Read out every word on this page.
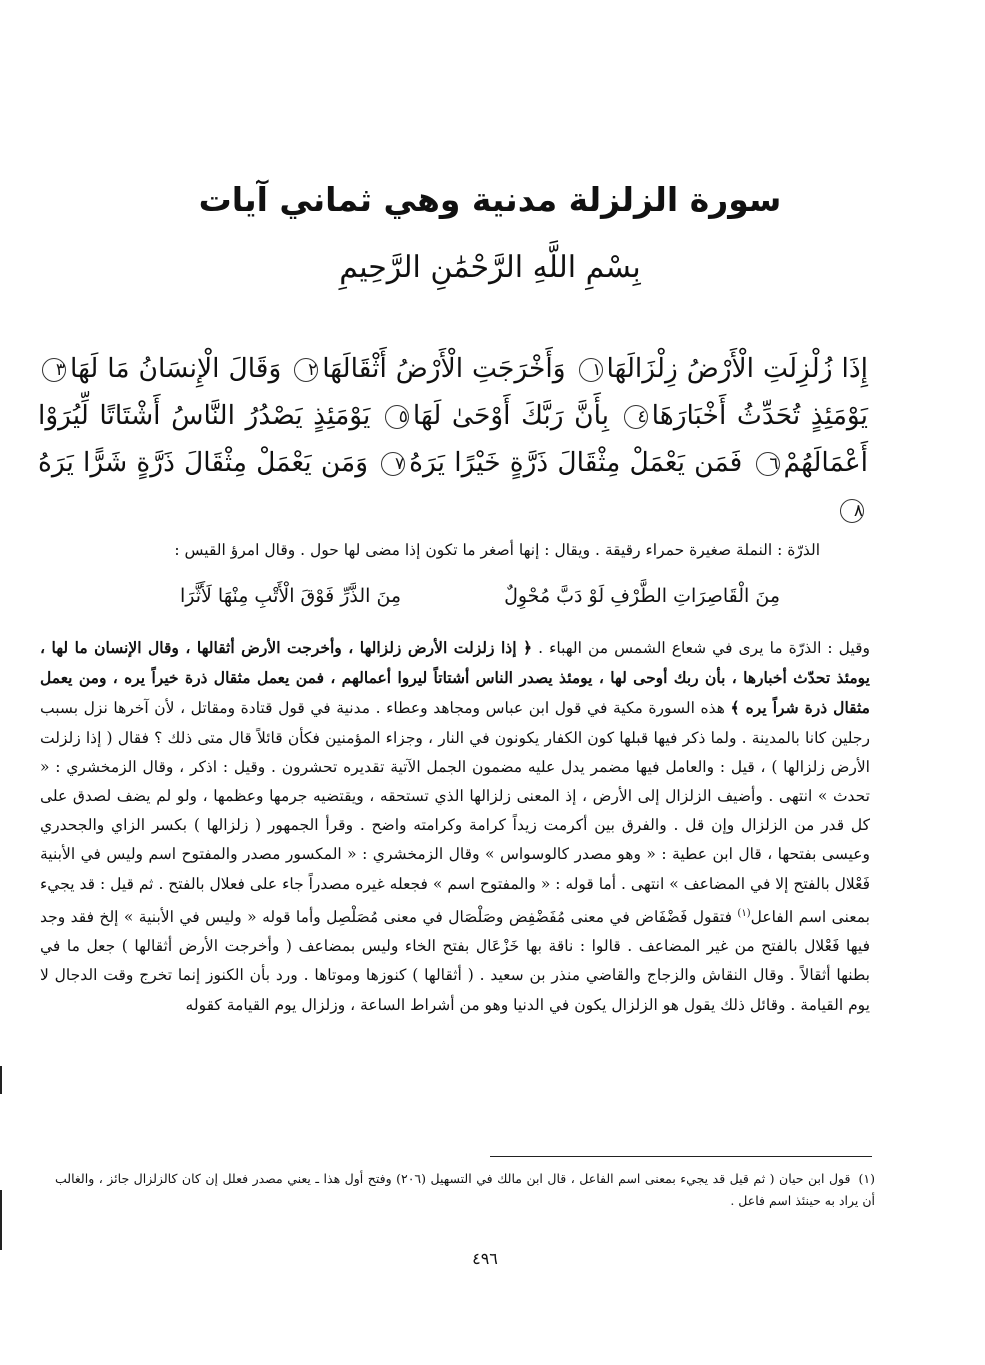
سورة الزلزلة مدنية وهي ثماني آيات
بِسْمِ اللَّهِ الرَّحْمَٰنِ الرَّحِيمِ
إِذَا زُلْزِلَتِ الْأَرْضُ زِلْزَالَهَا١ وَأَخْرَجَتِ الْأَرْضُ أَثْقَالَهَا٢ وَقَالَ الْإِنسَانُ مَا لَهَا٣ يَوْمَئِذٍ تُحَدِّثُ أَخْبَارَهَا٤ بِأَنَّ رَبَّكَ أَوْحَىٰ لَهَا٥ يَوْمَئِذٍ يَصْدُرُ النَّاسُ أَشْتَاتًا لِّيُرَوْا أَعْمَالَهُمْ٦ فَمَن يَعْمَلْ مِثْقَالَ ذَرَّةٍ خَيْرًا يَرَهُ٧ وَمَن يَعْمَلْ مِثْقَالَ ذَرَّةٍ شَرًّا يَرَهُ٨
الذرّة : النملة صغيرة حمراء رقيقة . ويقال : إنها أصغر ما تكون إذا مضى لها حول . وقال امرؤ القيس :
مِنَ الْقَاصِرَاتِ الطَّرْفِ لَوْ دَبَّ مُحْوِلٌ
مِنَ الذَّرِّ فَوْقَ الْأَتْبِ مِنْهَا لَأَثَّرَا

وقيل : الذرّة ما يرى في شعاع الشمس من الهباء . ﴿ إذا زلزلت الأرض زلزالها ، وأخرجت الأرض أثقالها ، وقال الإنسان ما لها ، يومئذ تحدّث أخبارها ، بأن ربك أوحى لها ، يومئذ يصدر الناس أشتاتاً ليروا أعمالهم ، فمن يعمل مثقال ذرة خيراً يره ، ومن يعمل مثقال ذرة شراً يره ﴾ هذه السورة مكية في قول ابن عباس ومجاهد وعطاء . مدنية في قول قتادة ومقاتل ، لأن آخرها نزل بسبب رجلين كانا بالمدينة . ولما ذكر فيها قبلها كون الكفار يكونون في النار ، وجزاء المؤمنين فكأن قائلاً قال متى ذلك ؟ فقال ( إذا زلزلت الأرض زلزالها ) ، قيل : والعامل فيها مضمر يدل عليه مضمون الجمل الآتية تقديره تحشرون . وقيل : اذكر ، وقال الزمخشري : « تحدث » انتهى . وأضيف الزلزال إلى الأرض ، إذ المعنى زلزالها الذي تستحقه ، ويقتضيه جرمها وعظمها ، ولو لم يضف لصدق على كل قدر من الزلزال وإن قل . والفرق بين أكرمت زيداً كرامة وكرامته واضح . وقرأ الجمهور ( زلزالها ) بكسر الزاي والجحدري وعيسى بفتحها ، قال ابن عطية : « وهو مصدر كالوسواس » وقال الزمخشري : « المكسور مصدر والمفتوح اسم وليس في الأبنية فَعْلال بالفتح إلا في المضاعف » انتهى . أما قوله : « والمفتوح اسم » فجعله غيره مصدراً جاء على فعلال بالفتح . ثم قيل : قد يجيء بمعنى اسم الفاعل$^{(١)}$ فتقول فَضْفَاض في معنى مُفَضْفِض وصَلْصَال في معنى مُصَلْصِل وأما قوله « وليس في الأبنية » إلخ فقد وجد فيها فَعْلال بالفتح من غير المضاعف . قالوا : ناقة بها خَزْعَال بفتح الخاء وليس بمضاعف ( وأخرجت الأرض أثقالها ) جعل ما في بطنها أثقالاً . وقال النقاش والزجاج والقاضي منذر بن سعيد . ( أثقالها ) كنوزها وموتاها . ورد بأن الكنوز إنما تخرج وقت الدجال لا يوم القيامة . وقائل ذلك يقول هو الزلزال يكون في الدنيا وهو من أشراط الساعة ، وزلزال يوم القيامة كقوله

(١)قول ابن حيان ( ثم قيل قد يجيء بمعنى اسم الفاعل ، قال ابن مالك في التسهيل (٢٠٦) وفتح أول هذا ـ يعني مصدر فعلل إن كان كالزلزال جائز ، والغالب أن يراد به حينئذ اسم فاعل .
٤٩٦
